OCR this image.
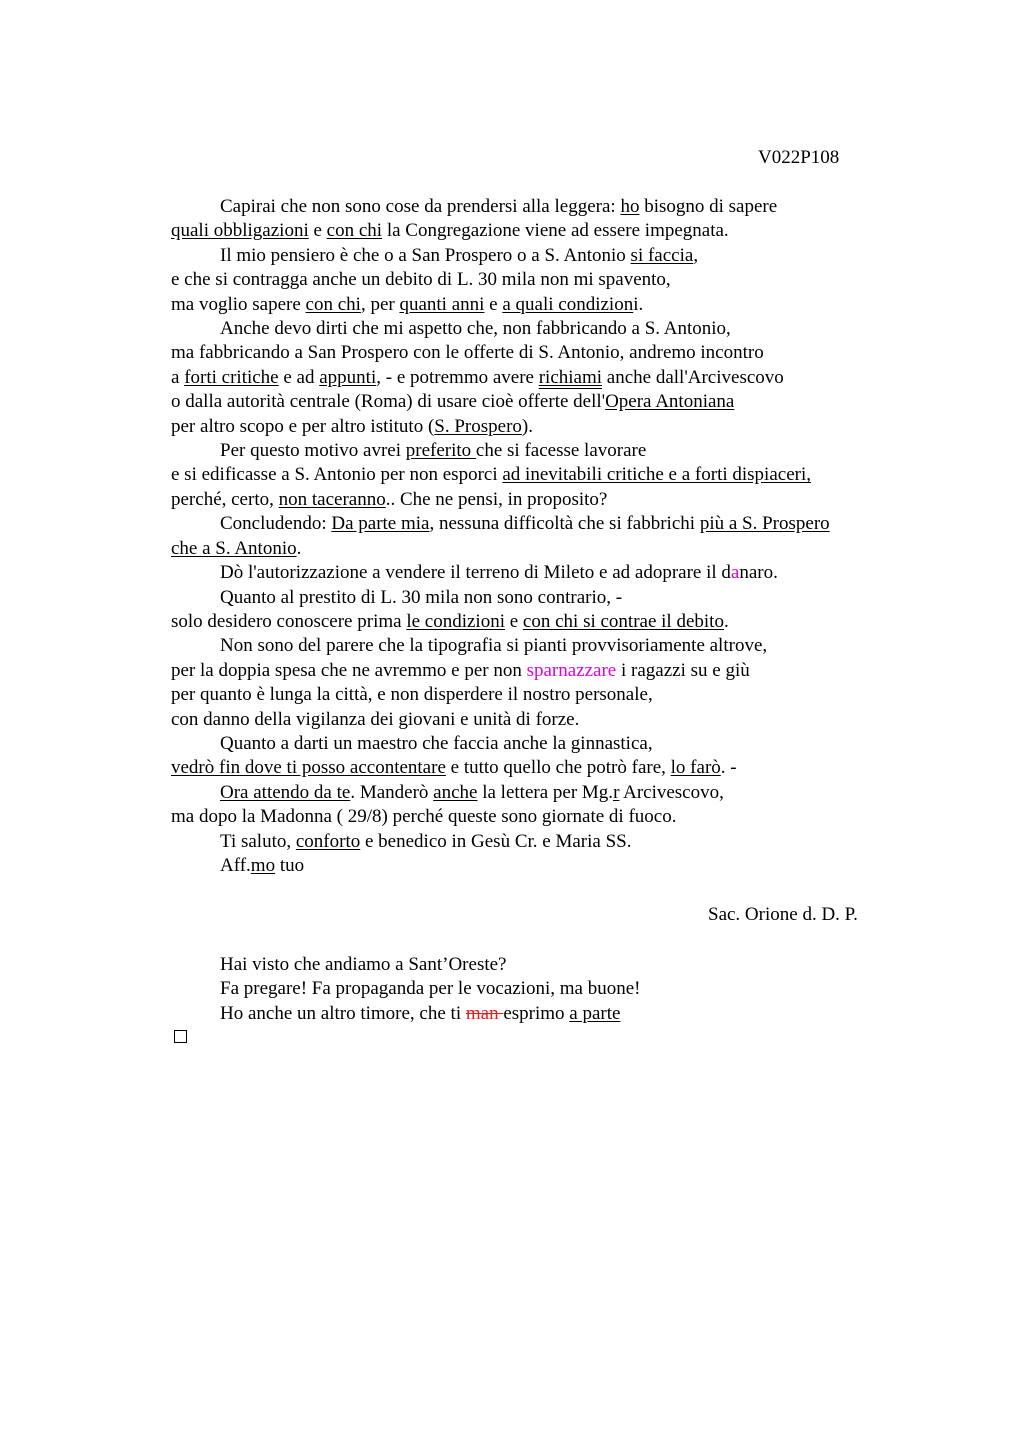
V022P108
Capirai che non sono cose da prendersi alla leggera: ho bisogno di sapere
quali obbligazioni e con chi la Congregazione viene ad essere impegnata.
Il mio pensiero è che o a San Prospero o a S. Antonio si faccia,
e che si contragga anche un debito di L. 30 mila non mi spavento,
ma voglio sapere con chi, per quanti anni e a quali condizioni.
Anche devo dirti che mi aspetto che, non fabbricando a S. Antonio,
ma fabbricando a San Prospero con le offerte di S. Antonio, andremo incontro
a forti critiche e ad appunti, - e potremmo avere richiami anche dall'Arcivescovo
o dalla autorità centrale (Roma) di usare cioè offerte dell'Opera Antoniana
per altro scopo e per altro istituto (S. Prospero).
Per questo motivo avrei preferito che si facesse lavorare
e si edificasse a S. Antonio per non esporci ad inevitabili critiche e a forti dispiaceri,
perché, certo, non taceranno.. Che ne pensi, in proposito?
Concludendo: Da parte mia, nessuna difficoltà che si fabbrichi più a S. Prospero
che a S. Antonio.
Dò l'autorizzazione a vendere il terreno di Mileto e ad adoprare il danaro.
Quanto al prestito di L. 30 mila non sono contrario, -
solo desidero conoscere prima le condizioni e con chi si contrae il debito.
Non sono del parere che la tipografia si pianti provvisoriamente altrove,
per la doppia spesa che ne avremmo e per non sparnazzare i ragazzi su e giù
per quanto è lunga la città, e non disperdere il nostro personale,
con danno della vigilanza dei giovani e unità di forze.
Quanto a darti un maestro che faccia anche la ginnastica,
vedrò fin dove ti posso accontentare e tutto quello che potrò fare, lo farò. -
Ora attendo da te. Manderò anche la lettera per Mg.r Arcivescovo,
ma dopo la Madonna ( 29/8) perché queste sono giornate di fuoco.
Ti saluto, conforto e benedico in Gesù Cr. e Maria SS.
Aff.mo tuo
Sac. Orione d. D. P.
Hai visto che andiamo a Sant’Oreste?
Fa pregare! Fa propaganda per le vocazioni, ma buone!
Ho anche un altro timore, che ti man esprimo a parte
